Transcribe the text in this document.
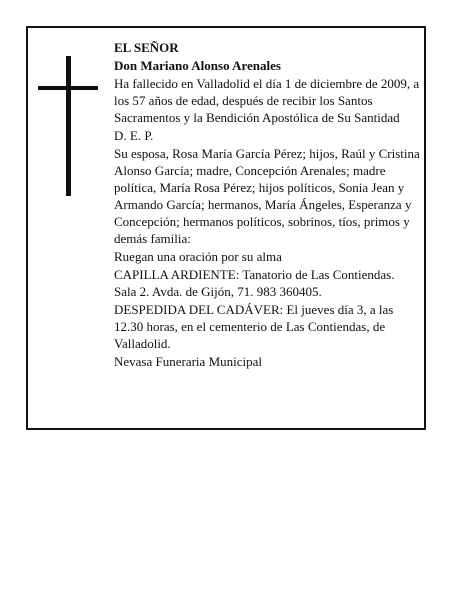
EL SEÑOR

Don Mariano Alonso Arenales

Ha fallecido en Valladolid el día 1 de diciembre de 2009, a los 57 años de edad, después de recibir los Santos Sacramentos y la Bendición Apostólica de Su Santidad

D. E. P.

Su esposa, Rosa María García Pérez; hijos, Raúl y Cristina Alonso García; madre, Concepción Arenales; madre política, María Rosa Pérez; hijos políticos, Sonia Jean y Armando García; hermanos, María Ángeles, Esperanza y Concepción; hermanos políticos, sobrinos, tíos, primos y demás familia:

Ruegan una oración por su alma

CAPILLA ARDIENTE: Tanatorio de Las Contiendas. Sala 2. Avda. de Gijón, 71. 983 360405.

DESPEDIDA DEL CADÁVER: El jueves día 3, a las 12.30 horas, en el cementerio de Las Contiendas, de Valladolid.

Nevasa Funeraria Municipal
